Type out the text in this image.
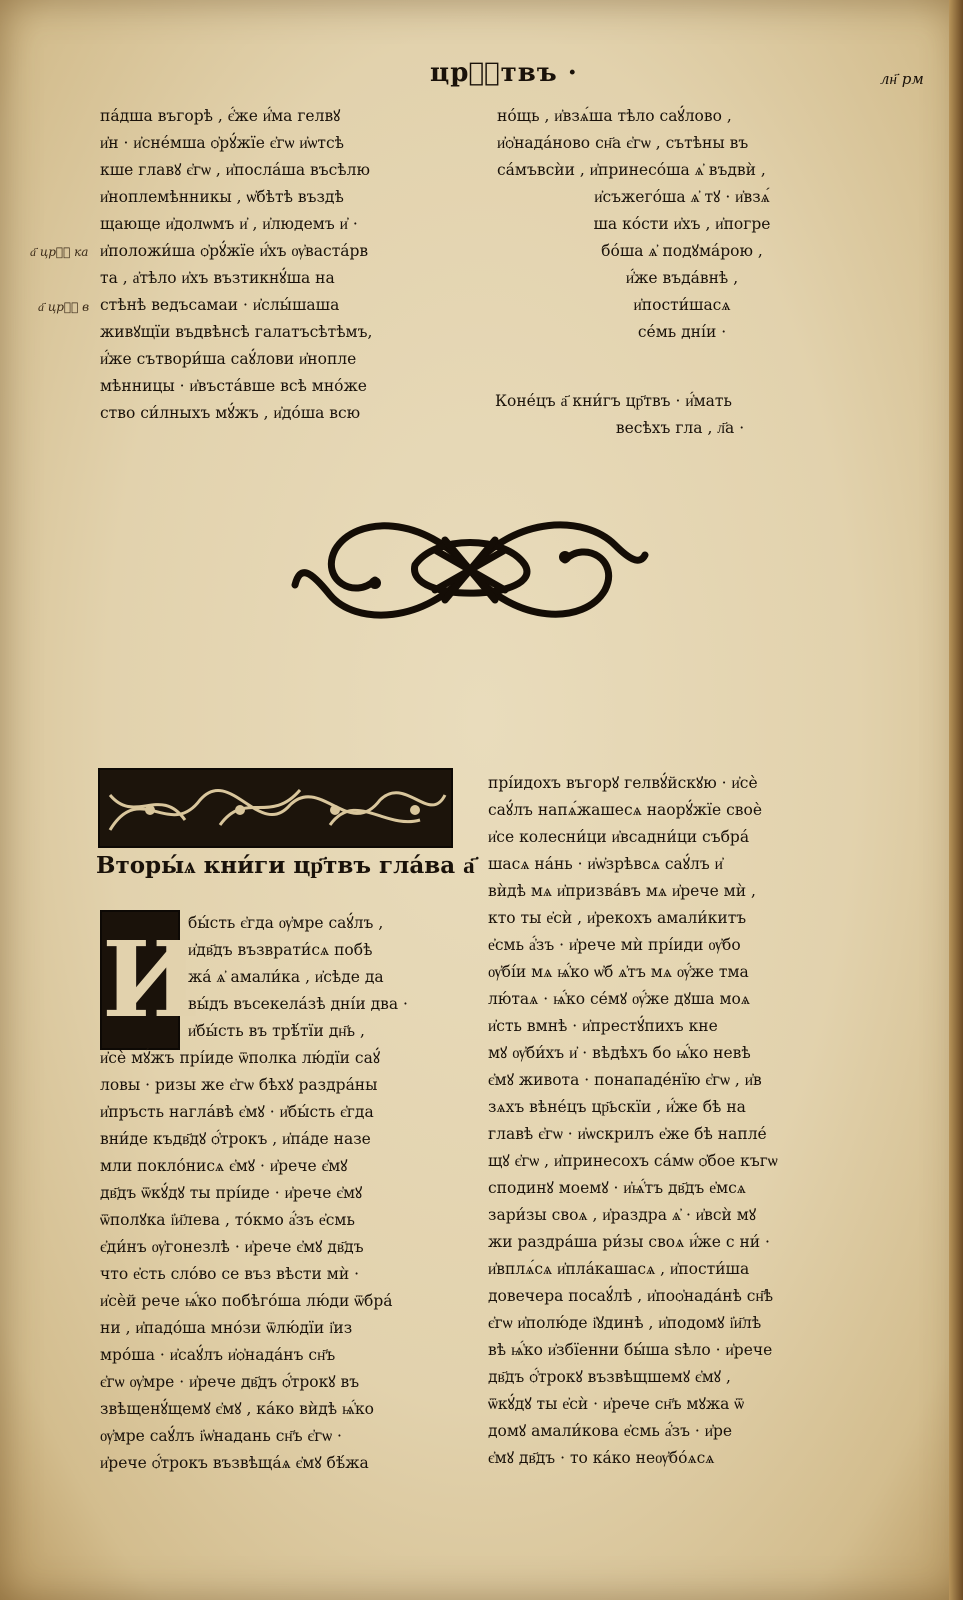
црⷭ҇твъ ·	лн҃ рм
а҃ црⷭ҇ ка
а҃ црⷭ҇ в
па́дша въгорѣ , є҆́же и҆́ма гелвꙋ
и҆н · и҆сне́мша ѻ҆рꙋ́жїе є҆гѡ и҆ѡтсѣ
кше главꙋ є҆гѡ , и҆посла́ша въсѣлю
и҆ноплемѣнникы , ѡ҆бѣтѣ въздѣ
щающе и҆долѡмъ и҆ , и҆людемъ и҆ ·
и҆положи́ша ѻ҆рꙋ́жїе и҆́хъ ѹ҆васта́рв
та , а҆тѣло и҆хъ възтикнꙋ́ша на
стѣнѣ ведъсамаи · и҆слы́шаша
живꙋщїи въдвѣнсѣ галатъсѣтѣмъ,
и҆́же сътвори́ша саꙋ́лови и҆нопле
мѣнницы · и҆въста́вше всѣ мно́же
ство си́лныхъ мꙋ́жъ , и҆до́ша всю
но́щь , и҆взѧ́ша тѣло саꙋ́лово ,
и҆ѻ҆нада́ново сн҃а є҆гѡ , сътѣны въ
са́мъвсѝи , и҆принесо́ша ѧ҆ въдвѝ ,
и҆съжего́ша ѧ҆ тꙋ · и҆взѧ́
ша ко́сти и҆хъ , и҆погре
бо́ша ѧ҆ подꙋма́рою ,
и҆́же въда́внѣ ,
и҆пости́шасѧ
се́мь дні́и ·
Коне́цъ а҃ кни́гъ цр҃твъ · и҆́мать
весѣхъ гла , л҃а ·
Вторы́ѧ кни́ги цр҃твъ гла́ва а҃
И
бы́сть є҆гда ѹ҆мре саꙋ́лъ ,
и҆дв҃дъ възврати́сѧ побѣ
жа́ ѧ҆ амали́ка , и҆сѣде да
вы́дъ въсекела́зѣ дні́и два ·
и҆бы́сть въ трѣ́тїи дн҃ь ,
и҆сѐ мꙋ́жъ прі́иде ѿполка лю́дїи саꙋ́
ловы · ризы же є҆гѡ бѣхꙋ раздра́ны
и҆пръсть нагла́вѣ є҆мꙋ · и҆бы́сть є҆гда
вни́де къдв҃дꙋ ѻ҆́трокъ , и҆па́де нaзе
мли покло́нисѧ є҆мꙋ · и҆рече є҆мꙋ
дв҃дъ ѿкꙋ́дꙋ ты прі́иде · и҆рече є҆мꙋ
ѿполꙋка і҆и҃лева , то́кмо а҆́зъ е҆смь
є҆ди́нъ ѹ҆гонезлѣ · и҆рече є҆мꙋ дв҃дъ
что е҆сть сло́во се въз вѣсти мѝ ·
и҆сѐй рече ѩ҆́ко побѣго́ша лю́ди ѿбра́
ни , и҆падо́ша мно́зи ѿлю́дїи і҆из
мро́ша · и҆саꙋ́лъ и҆ѻ҆нада́нъ сн҃ъ
є҆гѡ ѹ҆мре · и҆рече дв҃дъ ѻ҆́трокꙋ въ
звѣщенꙋ́щемꙋ є҆мꙋ , ка́ко вѝдѣ ѩ҆́ко
ѹ҆мре саꙋ́лъ і҆ѡ҆надань сн҃ъ є҆гѡ ·
и҆рече ѻ҆́трокъ възвѣща́ѧ є҆мꙋ бѣ́жа
прі́идохъ въгорꙋ гелвꙋ́йскꙋю · и҆сѐ
саꙋ́лъ напѧ́жашесѧ наорꙋ́жїе своѐ
и҆се колесни́ци и҆всадни́ци събра́
шасѧ на́нь · и҆ѡ҆зрѣвсѧ саꙋ́лъ и҆
вѝдѣ мѧ и҆призва́въ мѧ и҆рече мѝ ,
кто ты е҆сѝ , и҆рекохъ амали́китъ
е҆смь а҆́зъ · и҆рече мѝ прі́иди ѹ҆бо
ѹ҆бі́и мѧ ѩ҆́ко ѡ҆б ѧ҆тъ мѧ ѹ҆́же тма
лю́таѧ · ѩ҆́ко се́мꙋ ѹ҆́же дꙋша моѧ
и҆сть вмнѣ · и҆престꙋ́пихъ кне
мꙋ ѹ҆би́хъ и҆ · вѣдѣхъ бо ѩ҆́ко невѣ
є҆мꙋ живота · понападе́нїю є҆гѡ , и҆в
зѧхъ вѣне́цъ цр҃ьскїи , и҆́же бѣ на
главѣ є҆гѡ · и҆ѡскрилъ е҆же бѣ напле́
щꙋ є҆гѡ , и҆принесохъ са́мѡ ѻ҆бое къгѡ
сподинꙋ моемꙋ · и҆ѩ҆́тъ дв҃дъ е҆мсѧ
зари́зы своѧ , и҆раздра ѧ҆ · и҆всѝ мꙋ
жи раздра́ша ри́зы своѧ и҆́же с ни́ ·
и҆вплѧ́сѧ и҆пла́кашасѧ , и҆пости́ша
довечера посаꙋ́лѣ , и҆поѻ҆нада́нѣ сн҃ѣ
є҆гѡ и҆полю́де і҆ꙋдинѣ , и҆подомꙋ і҆и҃лѣ
вѣ ѩ҆́ко и҆збїенни бы́ша ѕѣло · и҆рече
дв҃дъ ѻ҆́трокꙋ възвѣщшемꙋ є҆мꙋ ,
ѿкꙋ́дꙋ ты е҆сѝ · и҆рече сн҃ъ мꙋжа ѿ
домꙋ амали́кова е҆смь а҆́зъ · и҆ре
є҆мꙋ дв҃дъ · то ка́ко неѹ҆бо́ѧсѧ
